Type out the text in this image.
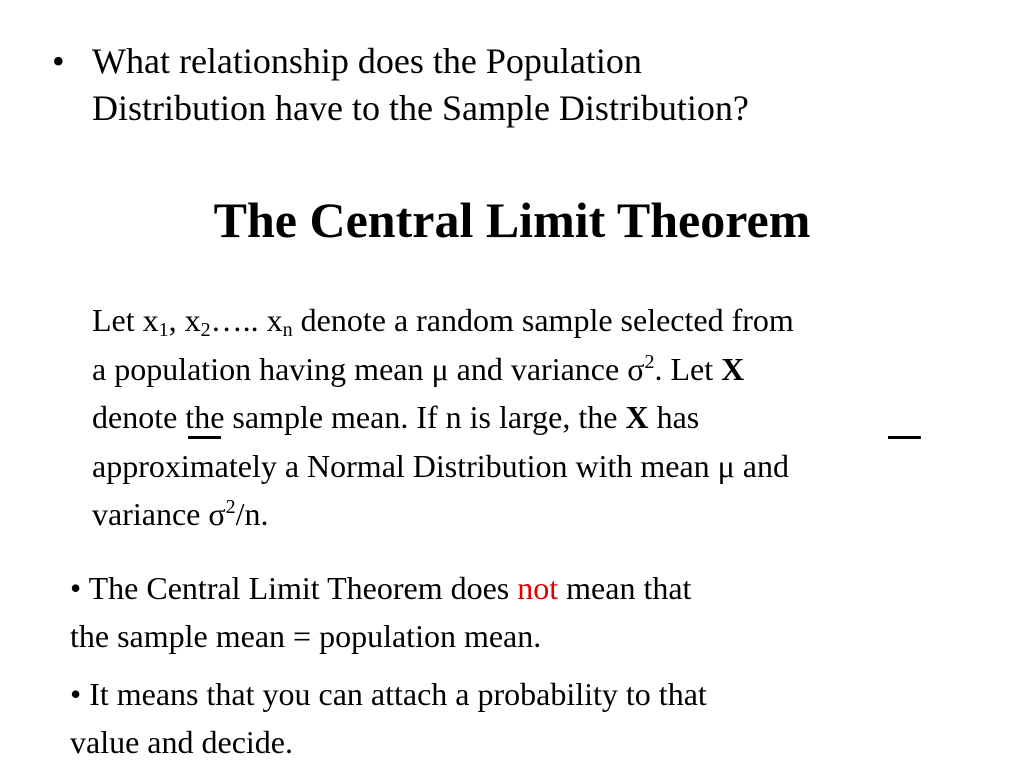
• What relationship does the Population
Distribution have to the Sample Distribution?
The Central Limit Theorem
Let $x_1$, $x_2\dots$.. $x_n$ denote a random sample selected from
a population having mean μ and variance $\sigma^2$. Let X
denote the sample mean. If n is large, the X has
approximately a Normal Distribution with mean μ and
variance $\sigma^2/n$.
• The Central Limit Theorem does not mean that
the sample mean = population mean.
• It means that you can attach a probability to that
value and decide.
